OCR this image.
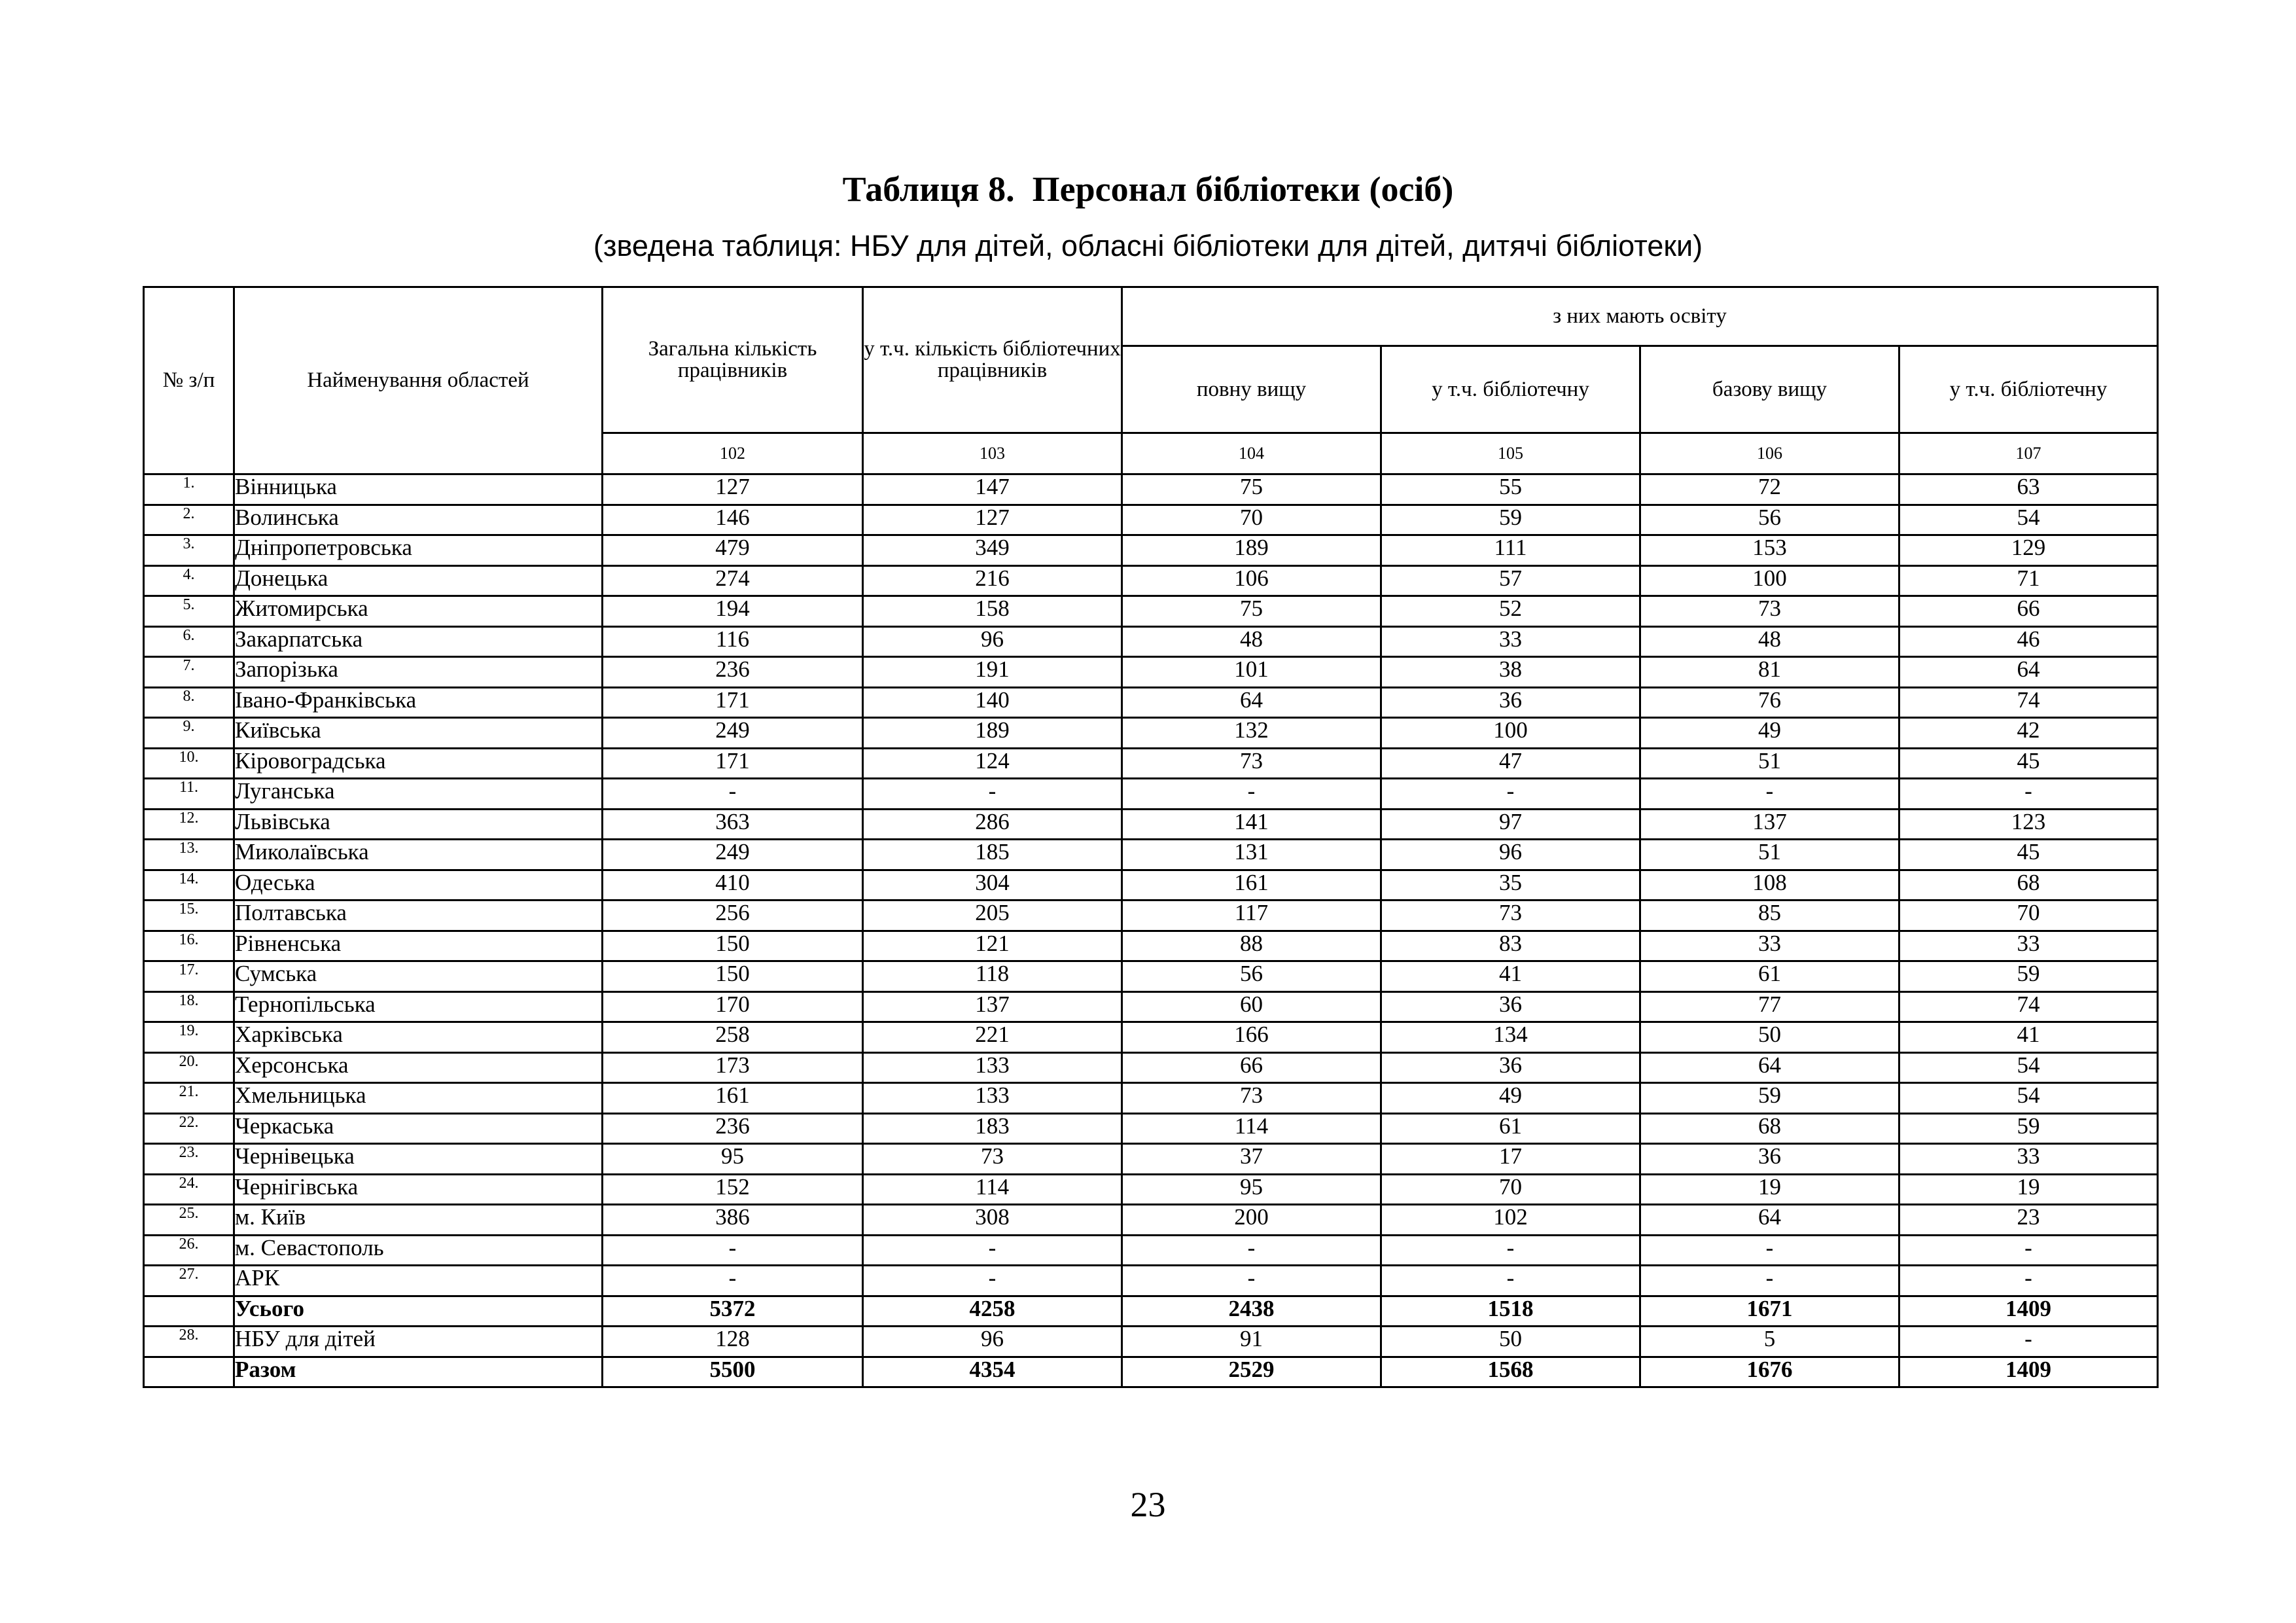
Таблиця 8.  Персонал бібліотеки (осіб)
(зведена таблиця: НБУ для дітей, обласні бібліотеки для дітей, дитячі бібліотеки)
№ з/п	Найменування областей	Загальна кількість працівників	у т.ч. кількість бібліотечних працівників	з них мають освіту			
				повну вищу	у т.ч. бібліотечну	базову вищу	у т.ч. бібліотечну
		102	103	104	105	106	107
1.	Вінницька	127	147	75	55	72	63
2.	Волинська	146	127	70	59	56	54
3.	Дніпропетровська	479	349	189	111	153	129
4.	Донецька	274	216	106	57	100	71
5.	Житомирська	194	158	75	52	73	66
6.	Закарпатська	116	96	48	33	48	46
7.	Запорізька	236	191	101	38	81	64
8.	Івано-Франківська	171	140	64	36	76	74
9.	Київська	249	189	132	100	49	42
10.	Кіровоградська	171	124	73	47	51	45
11.	Луганська	-	-	-	-	-	-
12.	Львівська	363	286	141	97	137	123
13.	Миколаївська	249	185	131	96	51	45
14.	Одеська	410	304	161	35	108	68
15.	Полтавська	256	205	117	73	85	70
16.	Рівненська	150	121	88	83	33	33
17.	Сумська	150	118	56	41	61	59
18.	Тернопільська	170	137	60	36	77	74
19.	Харківська	258	221	166	134	50	41
20.	Херсонська	173	133	66	36	64	54
21.	Хмельницька	161	133	73	49	59	54
22.	Черкаська	236	183	114	61	68	59
23.	Чернівецька	95	73	37	17	36	33
24.	Чернігівська	152	114	95	70	19	19
25.	м. Київ	386	308	200	102	64	23
26.	м. Севастополь	-	-	-	-	-	-
27.	АРК	-	-	-	-	-	-
	Усього	5372	4258	2438	1518	1671	1409
28.	НБУ для дітей	128	96	91	50	5	-
	Разом	5500	4354	2529	1568	1676	1409
23
